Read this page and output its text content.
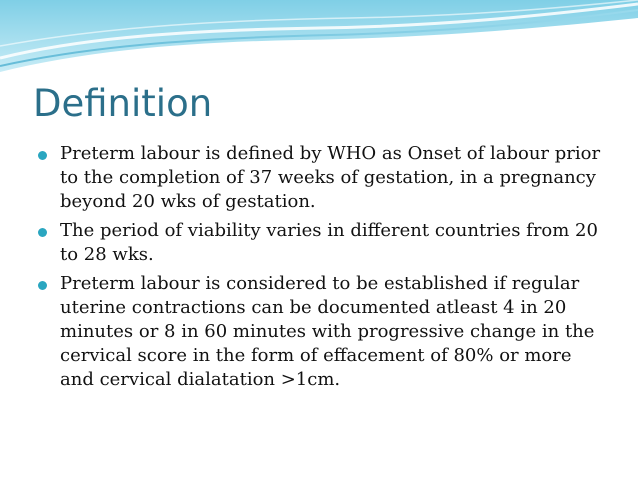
Definition
Preterm labour is defined by WHO as Onset of labour prior to the completion of 37 weeks of gestation, in a pregnancy beyond 20 wks of gestation.
The period of viability varies in different countries from 20 to 28 wks.
Preterm labour is considered to be established if regular uterine contractions can be documented atleast 4 in 20 minutes or 8 in 60 minutes with progressive change in the cervical score in the form of effacement of 80% or more and cervical dialatation >1cm.
